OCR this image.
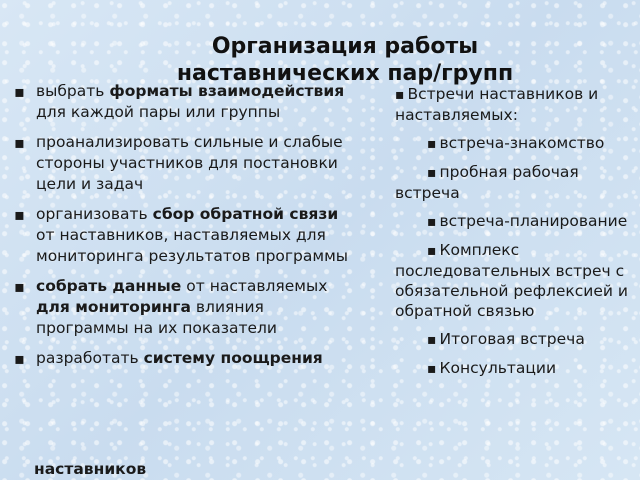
Организация работы наставнических пар/групп
▪ выбрать форматы взаимодействия для каждой пары или группы
▪ проанализировать сильные и слабые стороны участников для постановки цели и задач
▪ организовать сбор обратной связи от наставников, наставляемых для мониторинга результатов программы
▪ собрать данные от наставляемых для мониторинга влияния программы на их показатели
▪ разработать систему поощрения
наставников
▪ Встречи наставников и наставляемых:
▪ встреча-знакомство
▪ пробная рабочая встреча
▪ встреча-планирование
▪ Комплекс последовательных встреч с обязательной рефлексией и обратной связью
▪ Итоговая встреча
▪ Консультации
